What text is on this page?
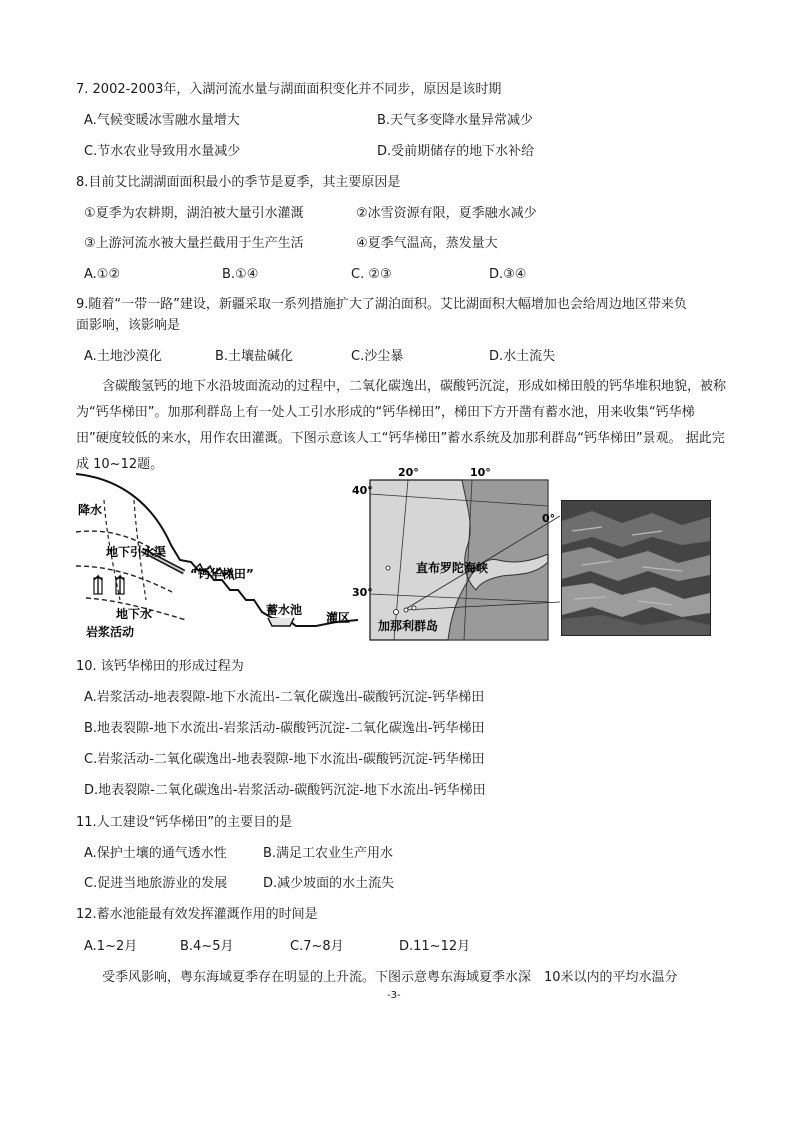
7. 2002-2003年，入湖河流水量与湖面面积变化并不同步，原因是该时期
A.气候变暖冰雪融水量增大	B.天气多变降水量异常减少
C.节水农业导致用水量减少	D.受前期储存的地下水补给
8.目前艾比湖湖面面积最小的季节是夏季，其主要原因是
①夏季为农耕期，湖泊被大量引水灌溉	②冰雪资源有限，夏季融水减少
③上游河流水被大量拦截用于生产生活	④夏季气温高，蒸发量大
A.①②	B.①④	C. ②③	D.③④
9.随着“一带一路”建设，新疆采取一系列措施扩大了湖泊面积。艾比湖面积大幅增加也会给周边地区带来负
面影响，该影响是
A.土地沙漠化	B.土壤盐碱化	C.沙尘暴	D.水土流失
含碳酸氢钙的地下水沿坡面流动的过程中，二氧化碳逸出，碳酸钙沉淀，形成如梯田般的钙华堆积地貌，被称为“钙华梯田”。加那利群岛上有一处人工引水形成的“钙华梯田”，梯田下方开凿有蓄水池，用来收集“钙华梯田”硬度较低的来水，用作农田灌溉。下图示意该人工“钙华梯田”蓄水系统及加那利群岛“钙华梯田”景观。 据此完成 10~12题。
降水
地下引水渠
“钙华梯田”
地下水
岩浆活动
蓄水池
灌区
20°	10°
0°
40°
30°
直布罗陀海峡
加那利群岛
10. 该钙华梯田的形成过程为
A.岩浆活动-地表裂隙-地下水流出-二氧化碳逸出-碳酸钙沉淀-钙华梯田
B.地表裂隙-地下水流出-岩浆活动-碳酸钙沉淀-二氧化碳逸出-钙华梯田
C.岩浆活动-二氧化碳逸出-地表裂隙-地下水流出-碳酸钙沉淀-钙华梯田
D.地表裂隙-二氧化碳逸出-岩浆活动-碳酸钙沉淀-地下水流出-钙华梯田
11.人工建设“钙华梯田”的主要目的是
A.保护土壤的通气透水性	B.满足工农业生产用水
C.促进当地旅游业的发展	D.减少坡面的水土流失
12.蓄水池能最有效发挥灌溉作用的时间是
A.1~2月	B.4~5月	C.7~8月	D.11~12月
受季风影响，粤东海域夏季存在明显的上升流。下图示意粤东海域夏季水深　10米以内的平均水温分
-3-
